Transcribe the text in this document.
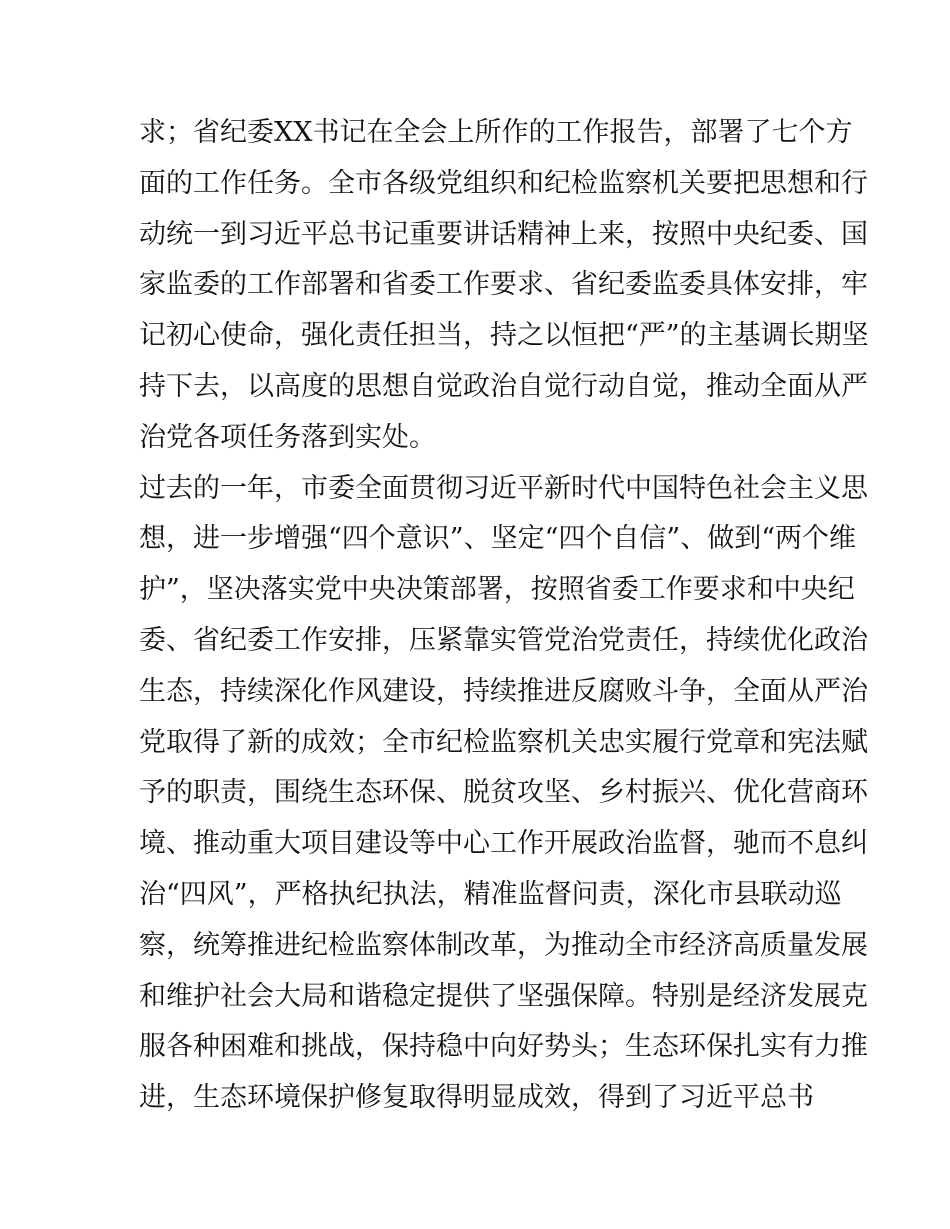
求；省纪委XX书记在全会上所作的工作报告，部署了七个方
面的工作任务。全市各级党组织和纪检监察机关要把思想和行
动统一到习近平总书记重要讲话精神上来，按照中央纪委、国
家监委的工作部署和省委工作要求、省纪委监委具体安排，牢
记初心使命，强化责任担当，持之以恒把“严”的主基调长期坚
持下去，以高度的思想自觉政治自觉行动自觉，推动全面从严
治党各项任务落到实处。
过去的一年，市委全面贯彻习近平新时代中国特色社会主义思
想，进一步增强“四个意识”、坚定“四个自信”、做到“两个维
护”，坚决落实党中央决策部署，按照省委工作要求和中央纪
委、省纪委工作安排，压紧靠实管党治党责任，持续优化政治
生态，持续深化作风建设，持续推进反腐败斗争，全面从严治
党取得了新的成效；全市纪检监察机关忠实履行党章和宪法赋
予的职责，围绕生态环保、脱贫攻坚、乡村振兴、优化营商环
境、推动重大项目建设等中心工作开展政治监督，驰而不息纠
治“四风”，严格执纪执法，精准监督问责，深化市县联动巡
察，统筹推进纪检监察体制改革，为推动全市经济高质量发展
和维护社会大局和谐稳定提供了坚强保障。特别是经济发展克
服各种困难和挑战，保持稳中向好势头；生态环保扎实有力推
进，生态环境保护修复取得明显成效，得到了习近平总书
